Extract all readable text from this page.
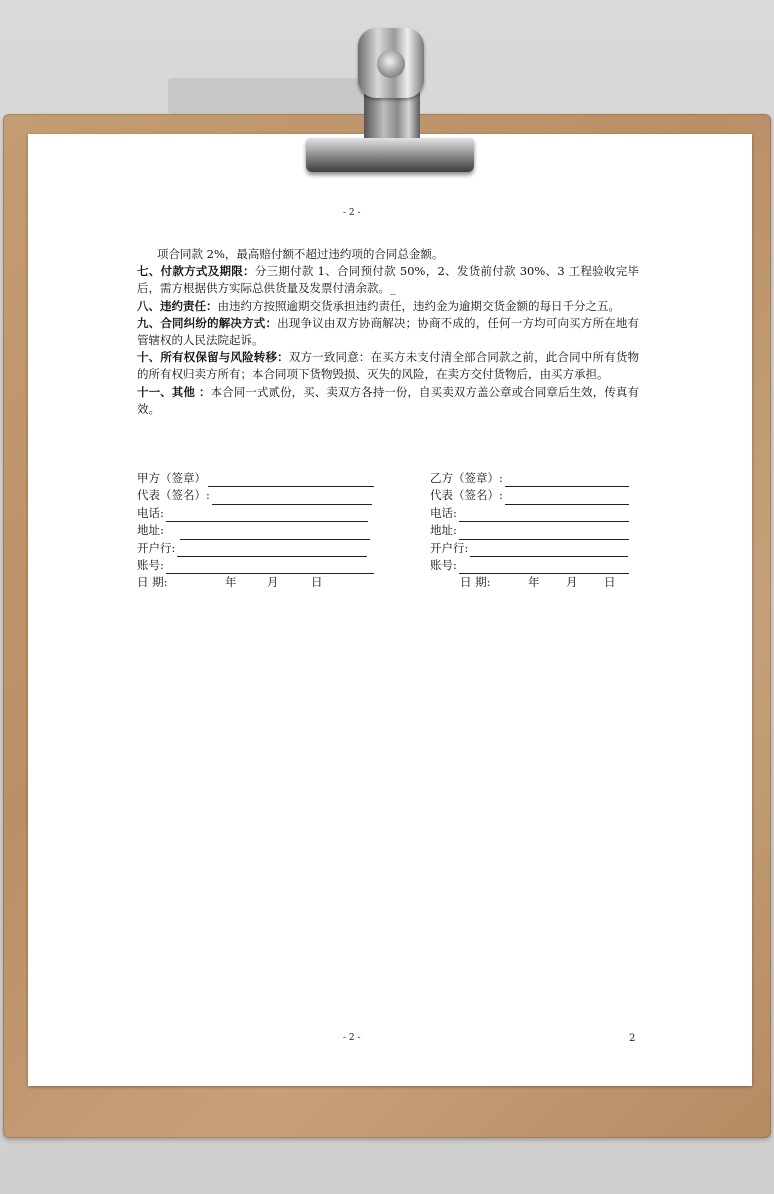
- 2 -

项合同款 2%，最高赔付额不超过违约项的合同总金额。

七、付款方式及期限：分三期付款 1、合同预付款 50%，2、发货前付款 30%、3 工程验收完毕后，需方根据供方实际总供货量及发票付清余款。_

八、违约责任：由违约方按照逾期交货承担违约责任，违约金为逾期交货金额的每日千分之五。

九、合同纠纷的解决方式：出现争议由双方协商解决；协商不成的，任何一方均可向买方所在地有管辖权的人民法院起诉。

十、所有权保留与风险转移：双方一致同意：在买方未支付清全部合同款之前，此合同中所有货物的所有权归卖方所有；本合同项下货物毁损、灭失的风险，在卖方交付货物后，由买方承担。

十一、其他 ：本合同一式贰份，买、卖双方各持一份，自买卖双方盖公章或合同章后生效，传真有效。

甲方（签章）
代表（签名）:
电话:
地址:
开户行:
账号:
日 期:	年	月	日
乙方（签章）:
代表（签名）:
电话:
地址:
开户行:
账号:
日 期:	年	月	日
- 2 -	2
